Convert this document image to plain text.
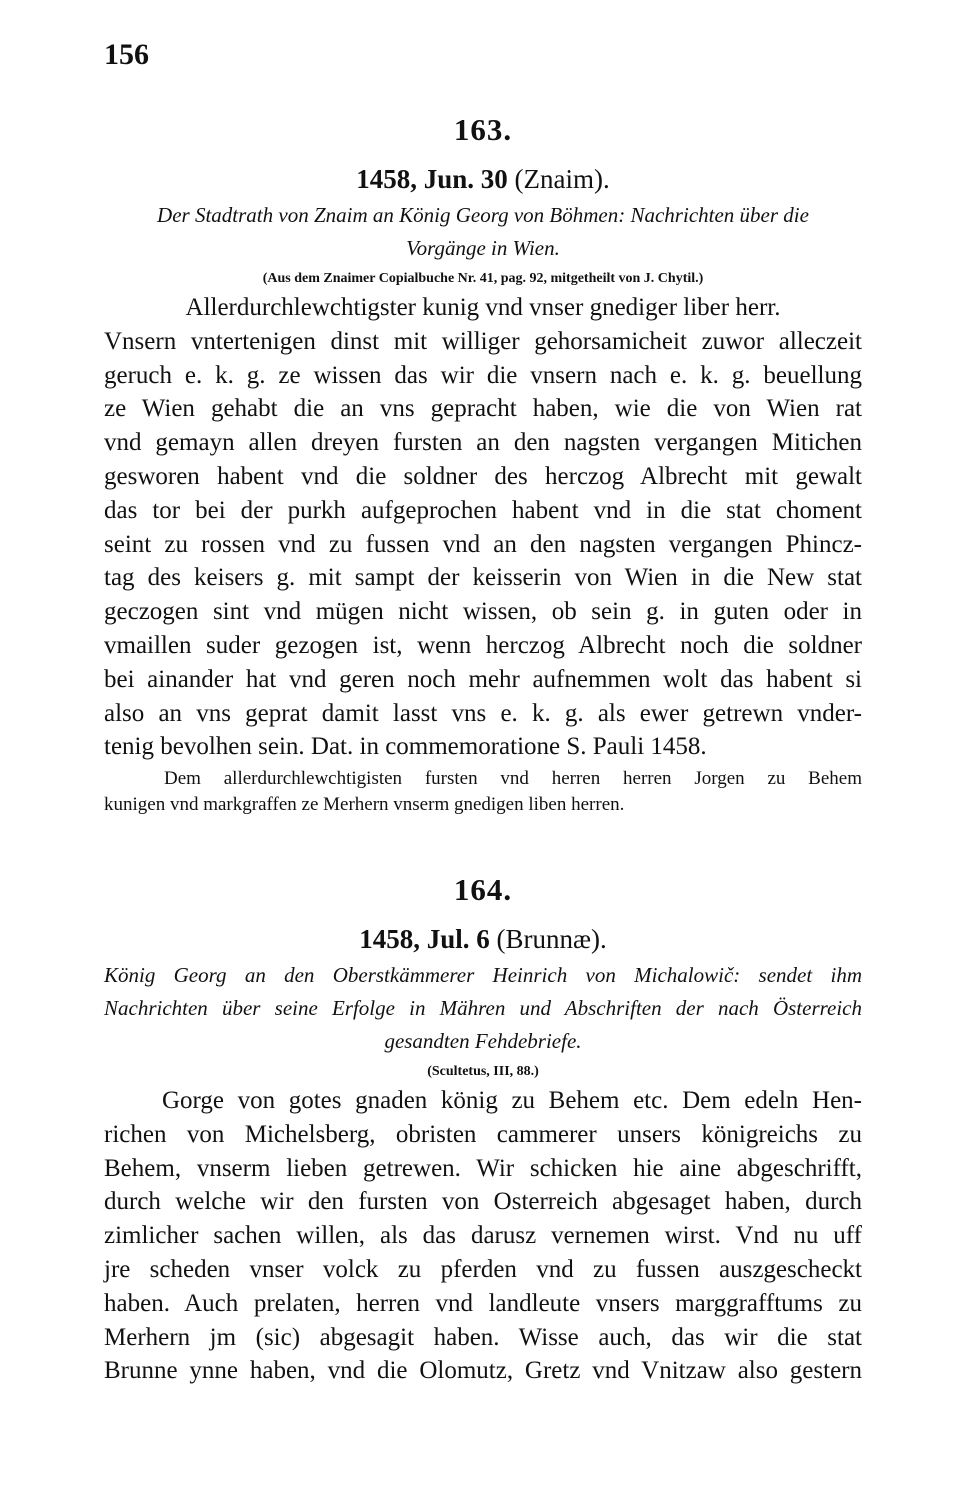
156
163.
1458, Jun. 30 (Znaim).
Der Stadtrath von Znaim an König Georg von Böhmen: Nachrichten über die
Vorgänge in Wien.
(Aus dem Znaimer Copialbuche Nr. 41, pag. 92, mitgetheilt von J. Chytil.)
Allerdurchlewchtigster kunig vnd vnser gnediger liber herr.
Vnsern vntertenigen dinst mit williger gehorsamicheit zuwor alleczeit
geruch e. k. g. ze wissen das wir die vnsern nach e. k. g. beuellung
ze Wien gehabt die an vns gepracht haben, wie die von Wien rat
vnd gemayn allen dreyen fursten an den nagsten vergangen Mitichen
gesworen habent vnd die soldner des herczog Albrecht mit gewalt
das tor bei der purkh aufgeprochen habent vnd in die stat choment
seint zu rossen vnd zu fussen vnd an den nagsten vergangen Phincz-
tag des keisers g. mit sampt der keisserin von Wien in die New stat
geczogen sint vnd mügen nicht wissen, ob sein g. in guten oder in
vmaillen suder gezogen ist, wenn herczog Albrecht noch die soldner
bei ainander hat vnd geren noch mehr aufnemmen wolt das habent si
also an vns geprat damit lasst vns e. k. g. als ewer getrewn vnder-
tenig bevolhen sein. Dat. in commemoratione S. Pauli 1458.
Dem allerdurchlewchtigisten fursten vnd herren herren Jorgen zu Behem
kunigen vnd markgraffen ze Merhern vnserm gnedigen liben herren.
164.
1458, Jul. 6 (Brunnæ).
König Georg an den Oberstkämmerer Heinrich von Michalowič: sendet ihm
Nachrichten über seine Erfolge in Mähren und Abschriften der nach Österreich
gesandten Fehdebriefe.
(Scultetus, III, 88.)
Gorge von gotes gnaden könig zu Behem etc. Dem edeln Hen-
richen von Michelsberg, obristen cammerer unsers königreichs zu
Behem, vnserm lieben getrewen. Wir schicken hie aine abgeschrifft,
durch welche wir den fursten von Osterreich abgesaget haben, durch
zimlicher sachen willen, als das darusz vernemen wirst. Vnd nu uff
jre scheden vnser volck zu pferden vnd zu fussen auszgescheckt
haben. Auch prelaten, herren vnd landleute vnsers marggrafftums zu
Merhern jm (sic) abgesagit haben. Wisse auch, das wir die stat
Brunne ynne haben, vnd die Olomutz, Gretz vnd Vnitzaw also gestern
